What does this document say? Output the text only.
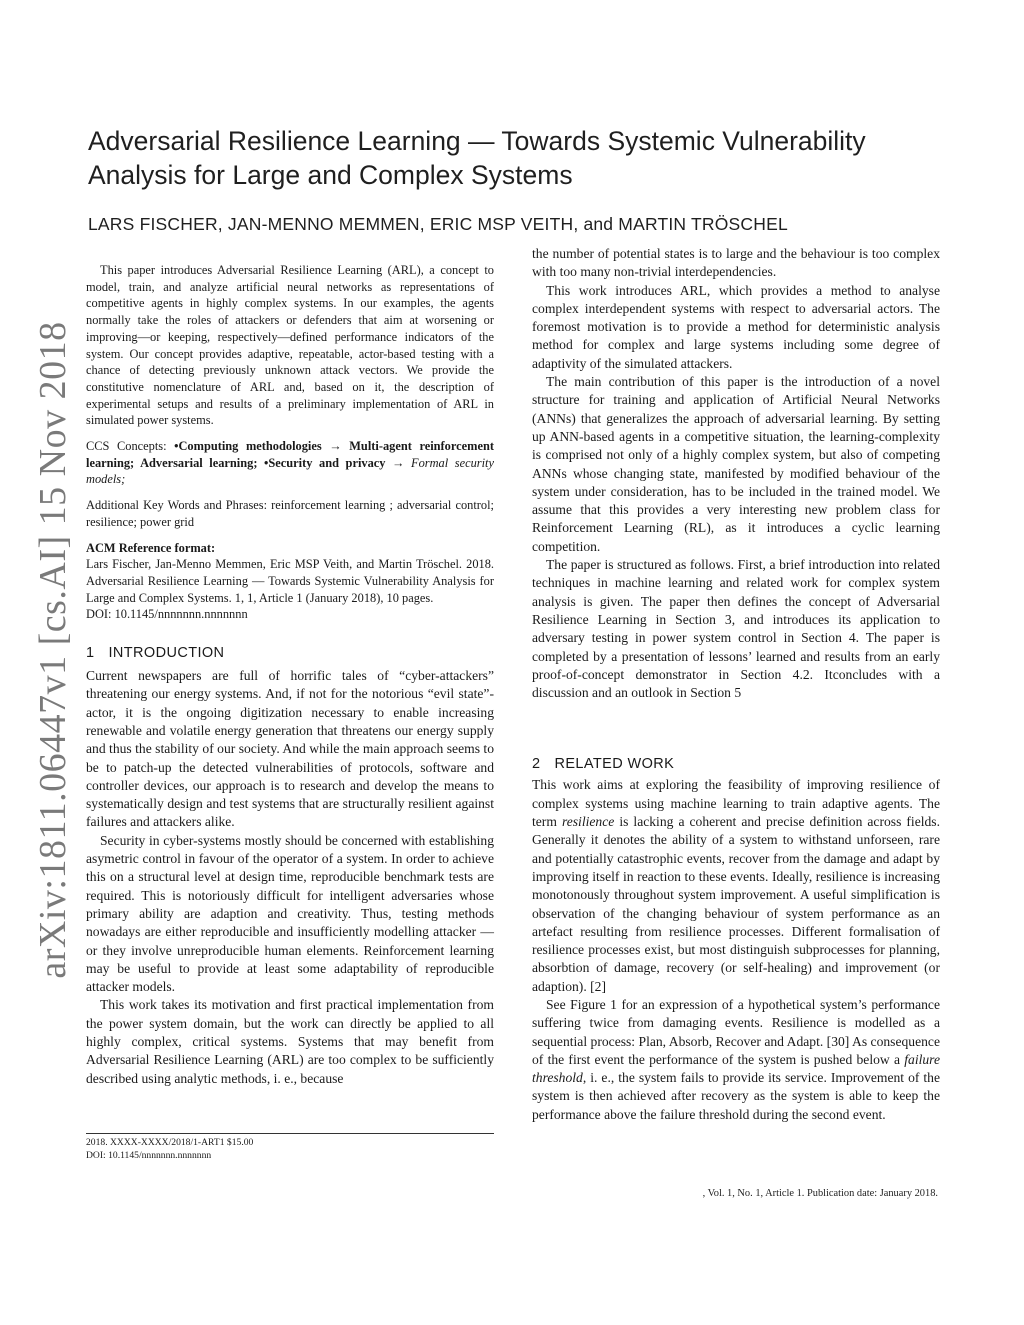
arXiv:1811.06447v1 [cs.AI] 15 Nov 2018
Adversarial Resilience Learning — Towards Systemic Vulnerability
Analysis for Large and Complex Systems

LARS FISCHER, JAN-MENNO MEMMEN, ERIC MSP VEITH, and MARTIN TRÖSCHEL

This paper introduces Adversarial Resilience Learning (ARL), a concept to model, train, and analyze artificial neural networks as representations of competitive agents in highly complex systems. In our examples, the agents normally take the roles of attackers or defenders that aim at worsening or improving—or keeping, respectively—defined performance indicators of the system. Our concept provides adaptive, repeatable, actor-based testing with a chance of detecting previously unknown attack vectors. We provide the constitutive nomenclature of ARL and, based on it, the description of experimental setups and results of a preliminary implementation of ARL in simulated power systems.

CCS Concepts: •Computing methodologies → Multi-agent reinforcement learning; Adversarial learning; •Security and privacy → Formal security models;

Additional Key Words and Phrases: reinforcement learning ; adversarial control; resilience; power grid

ACM Reference format:

Lars Fischer, Jan-Menno Memmen, Eric MSP Veith, and Martin Tröschel. 2018. Adversarial Resilience Learning — Towards Systemic Vulnerability Analysis for Large and Complex Systems. 1, 1, Article 1 (January 2018), 10 pages.

DOI: 10.1145/nnnnnnn.nnnnnnn

1 INTRODUCTION

Current newspapers are full of horrific tales of “cyber-attackers” threatening our energy systems. And, if not for the notorious “evil state”-actor, it is the ongoing digitization necessary to enable increasing renewable and volatile energy generation that threatens our energy supply and thus the stability of our society. And while the main approach seems to be to patch-up the detected vulnerabilities of protocols, software and controller devices, our approach is to research and develop the means to systematically design and test systems that are structurally resilient against failures and attackers alike.

Security in cyber-systems mostly should be concerned with establishing asymetric control in favour of the operator of a system. In order to achieve this on a structural level at design time, reproducible benchmark tests are required. This is notoriously difficult for intelligent adversaries whose primary ability are adaption and creativity. Thus, testing methods nowadays are either reproducible and insufficiently modelling attacker — or they involve unreproducible human elements. Reinforcement learning may be useful to provide at least some adaptability of reproducible attacker models.

This work takes its motivation and first practical implementation from the power system domain, but the work can directly be applied to all highly complex, critical systems. Systems that may benefit from Adversarial Resilience Learning (ARL) are too complex to be sufficiently described using analytic methods, i. e., because

2018. XXXX-XXXX/2018/1-ART1 $15.00
DOI: 10.1145/nnnnnnn.nnnnnnn

the number of potential states is to large and the behaviour is too complex with too many non-trivial interdependencies.

This work introduces ARL, which provides a method to analyse complex interdependent systems with respect to adversarial actors. The foremost motivation is to provide a method for deterministic analysis method for complex and large systems including some degree of adaptivity of the simulated attackers.

The main contribution of this paper is the introduction of a novel structure for training and application of Artificial Neural Networks (ANNs) that generalizes the approach of adversarial learning. By setting up ANN-based agents in a competitive situation, the learning-complexity is comprised not only of a highly complex system, but also of competing ANNs whose changing state, manifested by modified behaviour of the system under consideration, has to be included in the trained model. We assume that this provides a very interesting new problem class for Reinforcement Learning (RL), as it introduces a cyclic learning competition.

The paper is structured as follows. First, a brief introduction into related techniques in machine learning and related work for complex system analysis is given. The paper then defines the concept of Adversarial Resilience Learning in Section 3, and introduces its application to adversary testing in power system control in Section 4. The paper is completed by a presentation of lessons’ learned and results from an early proof-of-concept demonstrator in Section 4.2. Itconcludes with a discussion and an outlook in Section 5

2 RELATED WORK

This work aims at exploring the feasibility of improving resilience of complex systems using machine learning to train adaptive agents. The term resilience is lacking a coherent and precise definition across fields. Generally it denotes the ability of a system to withstand unforseen, rare and potentially catastrophic events, recover from the damage and adapt by improving itself in reaction to these events. Ideally, resilience is increasing monotonously throughout system improvement. A useful simplification is observation of the changing behaviour of system performance as an artefact resulting from resilience processes. Different formalisation of resilience processes exist, but most distinguish subprocesses for planning, absorbtion of damage, recovery (or self-healing) and improvement (or adaption). [2]

See Figure 1 for an expression of a hypothetical system’s performance suffering twice from damaging events. Resilience is modelled as a sequential process: Plan, Absorb, Recover and Adapt. [30] As consequence of the first event the performance of the system is pushed below a failure threshold, i. e., the system fails to provide its service. Improvement of the system is then achieved after recovery as the system is able to keep the performance above the failure threshold during the second event.

, Vol. 1, No. 1, Article 1. Publication date: January 2018.
